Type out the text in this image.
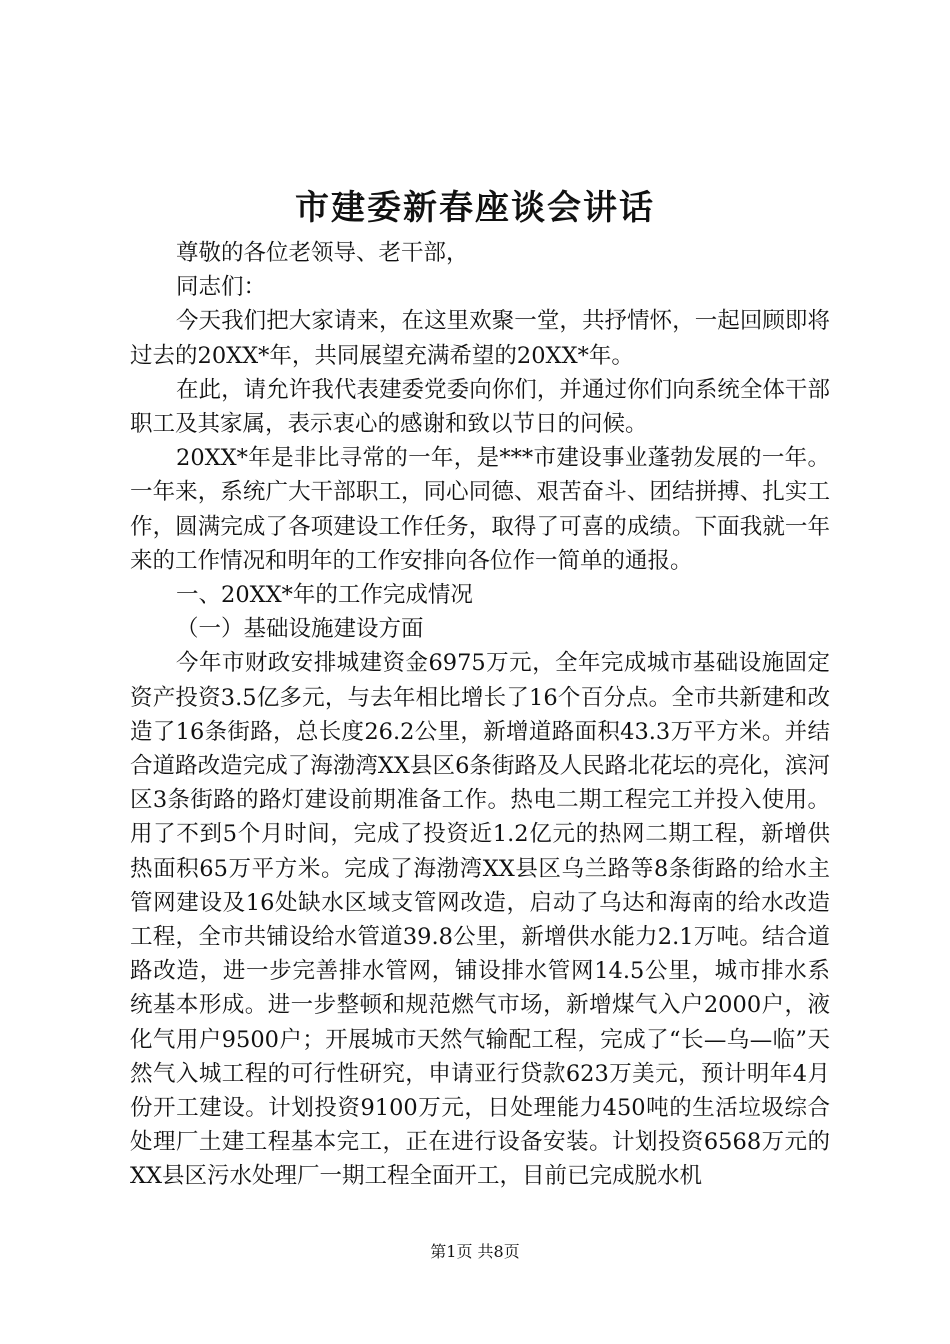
市建委新春座谈会讲话

尊敬的各位老领导、老干部，

同志们：

今天我们把大家请来，在这里欢聚一堂，共抒情怀，一起回顾即将过去的20XX*年，共同展望充满希望的20XX*年。

在此，请允许我代表建委党委向你们，并通过你们向系统全体干部职工及其家属，表示衷心的感谢和致以节日的问候。

20XX*年是非比寻常的一年，是***市建设事业蓬勃发展的一年。一年来，系统广大干部职工，同心同德、艰苦奋斗、团结拼搏、扎实工作，圆满完成了各项建设工作任务，取得了可喜的成绩。下面我就一年来的工作情况和明年的工作安排向各位作一简单的通报。

一、20XX*年的工作完成情况

（一）基础设施建设方面

今年市财政安排城建资金6975万元，全年完成城市基础设施固定资产投资3.5亿多元，与去年相比增长了16个百分点。全市共新建和改造了16条街路，总长度26.2公里，新增道路面积43.3万平方米。并结合道路改造完成了海渤湾XX县区6条街路及人民路北花坛的亮化，滨河区3条街路的路灯建设前期准备工作。热电二期工程完工并投入使用。用了不到5个月时间，完成了投资近1.2亿元的热网二期工程，新增供热面积65万平方米。完成了海渤湾XX县区乌兰路等8条街路的给水主管网建设及16处缺水区域支管网改造，启动了乌达和海南的给水改造工程，全市共铺设给水管道39.8公里，新增供水能力2.1万吨。结合道路改造，进一步完善排水管网，铺设排水管网14.5公里，城市排水系统基本形成。进一步整顿和规范燃气市场，新增煤气入户2000户，液化气用户9500户；开展城市天然气输配工程，完成了“长—乌—临”天然气入城工程的可行性研究，申请亚行贷款623万美元，预计明年4月份开工建设。计划投资9100万元，日处理能力450吨的生活垃圾综合处理厂土建工程基本完工，正在进行设备安装。计划投资6568万元的XX县区污水处理厂一期工程全面开工，目前已完成脱水机

第1页 共8页
